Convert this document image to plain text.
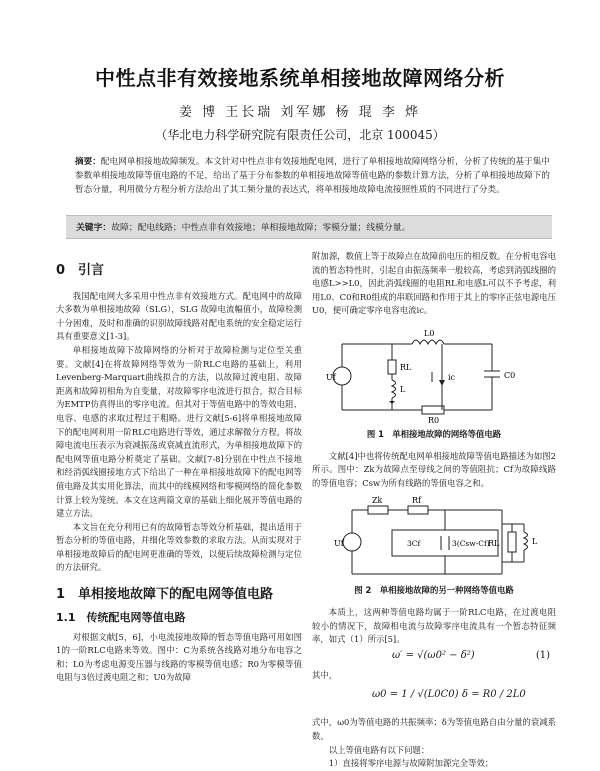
中性点非有效接地系统单相接地故障网络分析
姜 博 王长瑞 刘军娜 杨 琨 李 烨
（华北电力科学研究院有限责任公司，北京 100045）
摘要：配电网单相接地故障频发。本文针对中性点非有效接地配电网，进行了单相接地故障网络分析，分析了传统的基于集中参数单相接地故障等值电路的不足，给出了基于分布参数的单相接地故障等值电路的参数计算方法，分析了单相接地故障下的暂态分量，利用微分方程分析方法给出了其工频分量的表达式，将单相接地故障电流接照性质的不同进行了分类。
关键字：故障；配电线路；中性点非有效接地；单相接地故障；零模分量；线模分量。
0　引言

我国配电网大多采用中性点非有效接地方式。配电网中的故障大多数为单相接地故障（SLG），SLG 故障电流幅值小，故障检测十分困难，及时和准确的识别故障线路对配电系统的安全稳定运行具有重要意义[1-3]。

单相接地故障下故障网络的分析对于故障检测与定位至关重要。文献[4]在将故障网络等效为一阶RLC电路的基础上，利用Levenberg-Marquart曲线拟合的方法，以故障过渡电阻、故障距离和故障初相角为自变量，对故障零序电流进行拟合，拟合目标为EMTP仿真得出的零序电流。但其对于等值电路中的等效电阻、电容、电感的求取过程过于粗略。进行文献[5-6]将单相接地故障下的配电网利用一阶RLC电路进行等效，通过求解微分方程，将故障电流电压表示为衰减振荡或衰减直流形式，为单相接地故障下的配电网等值电路分析奠定了基础。文献[7-8]分别在中性点不接地和经消弧线圈接地方式下给出了一种在单相接地故障下的配电网等值电路及其实用化算法，而其中的线模网络和零模网络的简化参数计算上较为笼统。本文在这两篇文章的基础上细化展开等值电路的建立方法。

本文旨在充分利用已有的故障暂态等效分析基础，提出适用于暂态分析的等值电路，并细化等效参数的求取方法。从而实现对于单相接地故障后的配电网更准确的等效，以便后续故障检测与定位的方法研究。

1　单相接地故障下的配电网等值电路
1.1　传统配电网等值电路

对根据文献[5，6]，小电流接地故障的暂态等值电路可用如图1的一阶RLC电路来等效。图中：C为系统各线路对地分布电容之和；L0为考虑电源变压器与线路的零模等值电感；R0为零模等值电阻与3倍过渡电阻之和；U0为故障

附加源，数值上等于故障点在故障前电压的相反数。在分析电容电流的暂态特性时，引起自由振荡频率一般较高，考虑到消弧线圈的电感L>>L0，因此消弧线圈的电阻RL和电感L可以不予考虑，利用L0、C0和R0组成的串联回路和作用于其上的零序正弦电源电压U0，便可确定零序电容电流ic。

Uf
L0
RL
L
ic	C0
R0
图 1　单相接地故障的网络等值电路

文献[4]中也将传统配电网单相接地故障等值电路描述为如图2所示。图中：Zk为故障点至母线之间的等值阻抗；Cf为故障线路的等值电容；Csw为所有线路的等值电容之和。

Uf
Zk	Rf
3Cf	3(Csw-Cf)
RL	L
图 2　单相接地故障的另一种网络等值电路

本质上，这两种等值电路均属于一阶RLC电路，在过渡电阻较小的情况下，故障相电流与故障零序电流具有一个暂态特征频率，如式（1）所示[5]。

ω′ = √(ω0² − δ²)	(1)

其中，

ω0 = 1 / √(L0C0) δ = R0 / 2L0

式中，ω0为等值电路的共振频率；δ为等值电路自由分量的衰减系数。

以上等值电路有以下问题：

1）直接将零序电源与故障附加源完全等效；
